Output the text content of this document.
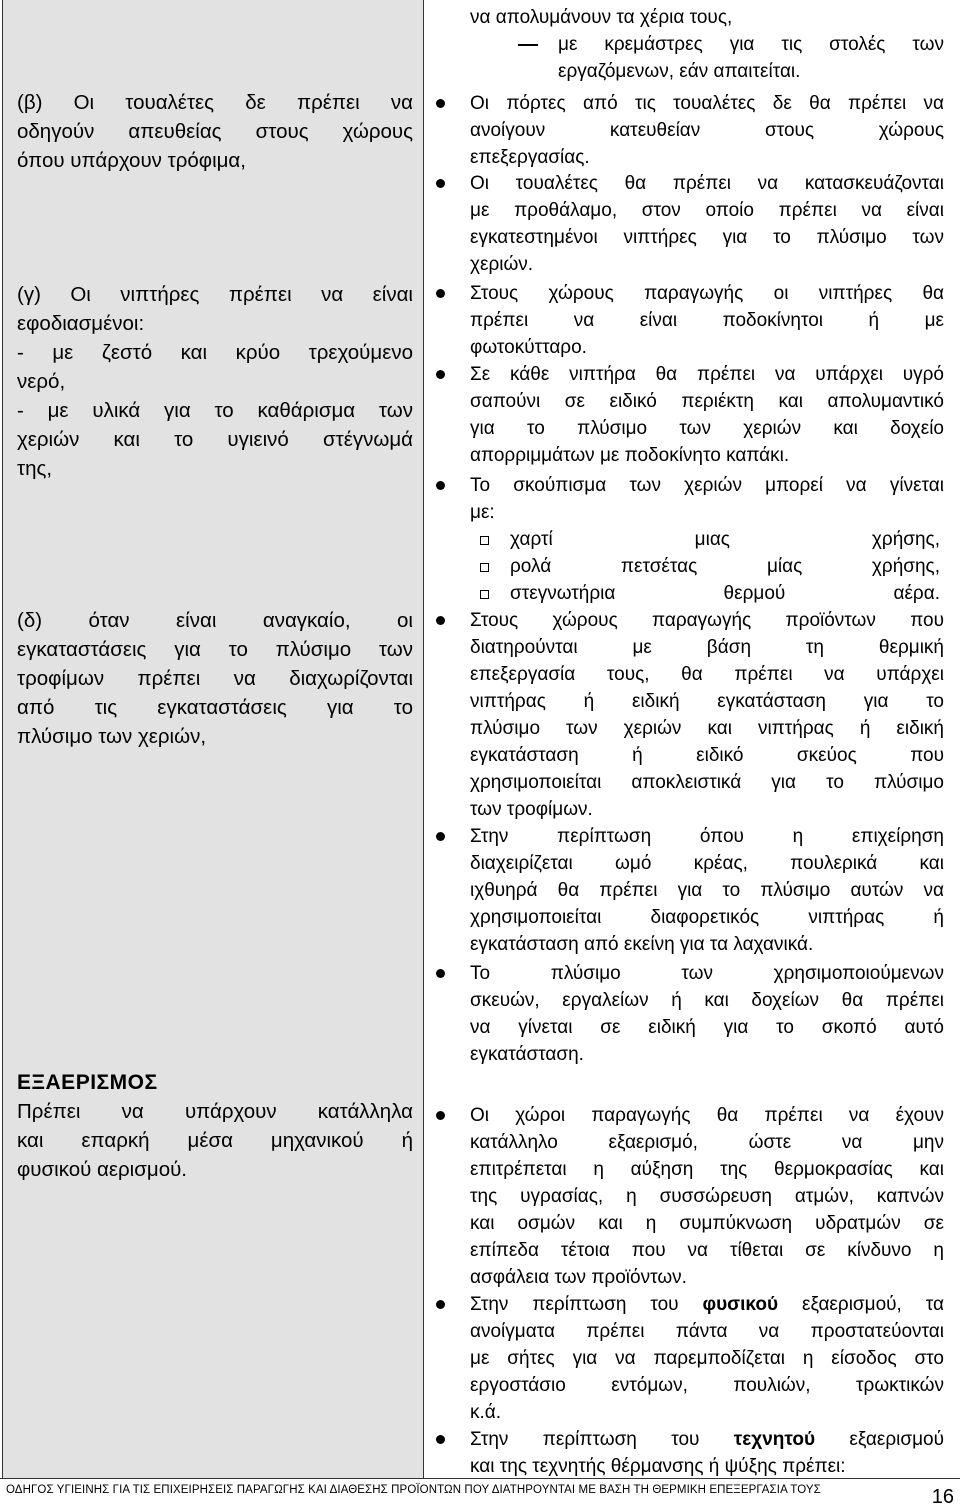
(β) Οι τουαλέτες δε πρέπει να
οδηγούν απευθείας στους χώρους
όπου υπάρχουν τρόφιμα,
(γ) Οι νιπτήρες πρέπει να είναι
εφοδιασμένοι:
- με ζεστό και κρύο τρεχούμενο
νερό,
- με υλικά για το καθάρισμα των
χεριών και το υγιεινό στέγνωμά
της,
(δ) όταν είναι αναγκαίο, οι
εγκαταστάσεις για το πλύσιμο των
τροφίμων πρέπει να διαχωρίζονται
από τις εγκαταστάσεις για το
πλύσιμο των χεριών,
ΕΞΑΕΡΙΣΜΟΣ
Πρέπει να υπάρχουν κατάλληλα
και επαρκή μέσα μηχανικού ή
φυσικού αερισμού.
να απολυμάνουν τα χέρια τους,
με κρεμάστρες για τις στολές των
εργαζόμενων, εάν απαιτείται.
Οι πόρτες από τις τουαλέτες δε θα πρέπει να
ανοίγουν κατευθείαν στους χώρους
επεξεργασίας.
Οι τουαλέτες θα πρέπει να κατασκευάζονται
με προθάλαμο, στον οποίο πρέπει να είναι
εγκατεστημένοι νιπτήρες για το πλύσιμο των
χεριών.
Στους χώρους παραγωγής οι νιπτήρες θα
πρέπει να είναι ποδοκίνητοι ή με
φωτοκύτταρο.
Σε κάθε νιπτήρα θα πρέπει να υπάρχει υγρό
σαπούνι σε ειδικό περιέκτη και απολυμαντικό
για το πλύσιμο των χεριών και δοχείο
απορριμμάτων με ποδοκίνητο καπάκι.
Το σκούπισμα των χεριών μπορεί να γίνεται
με:
χαρτί μιας χρήσης,
ρολά πετσέτας μίας χρήσης,
στεγνωτήρια θερμού αέρα.
Στους χώρους παραγωγής προϊόντων που
διατηρούνται με βάση τη θερμική
επεξεργασία τους, θα πρέπει να υπάρχει
νιπτήρας ή ειδική εγκατάσταση για το
πλύσιμο των χεριών και νιπτήρας ή ειδική
εγκατάσταση ή ειδικό σκεύος που
χρησιμοποιείται αποκλειστικά για το πλύσιμο
των τροφίμων.
Στην περίπτωση όπου η επιχείρηση
διαχειρίζεται ωμό κρέας, πουλερικά και
ιχθυηρά θα πρέπει για το πλύσιμο αυτών να
χρησιμοποιείται διαφορετικός νιπτήρας ή
εγκατάσταση από εκείνη για τα λαχανικά.
Το πλύσιμο των χρησιμοποιούμενων
σκευών, εργαλείων ή και δοχείων θα πρέπει
να γίνεται σε ειδική για το σκοπό αυτό
εγκατάσταση.
Οι χώροι παραγωγής θα πρέπει να έχουν
κατάλληλο εξαερισμό, ώστε να μην
επιτρέπεται η αύξηση της θερμοκρασίας και
της υγρασίας, η συσσώρευση ατμών, καπνών
και οσμών και η συμπύκνωση υδρατμών σε
επίπεδα τέτοια που να τίθεται σε κίνδυνο η
ασφάλεια των προϊόντων.
Στην περίπτωση του φυσικού εξαερισμού, τα
ανοίγματα πρέπει πάντα να προστατεύονται
με σήτες για να παρεμποδίζεται η είσοδος στο
εργοστάσιο εντόμων, πουλιών, τρωκτικών
κ.ά.
Στην περίπτωση του τεχνητού εξαερισμού
και της τεχνητής θέρμανσης ή ψύξης πρέπει:
ΟΔΗΓΟΣ ΥΓΙΕΙΝΗΣ ΓΙΑ ΤΙΣ ΕΠΙΧΕΙΡΗΣΕΙΣ ΠΑΡΑΓΩΓΗΣ ΚΑΙ ΔΙΑΘΕΣΗΣ ΠΡΟΪΟΝΤΩΝ ΠΟΥ ΔΙΑΤΗΡΟΥΝΤΑΙ ΜΕ ΒΑΣΗ ΤΗ ΘΕΡΜΙΚΗ ΕΠΕΞΕΡΓΑΣΙΑ ΤΟΥΣ	16
